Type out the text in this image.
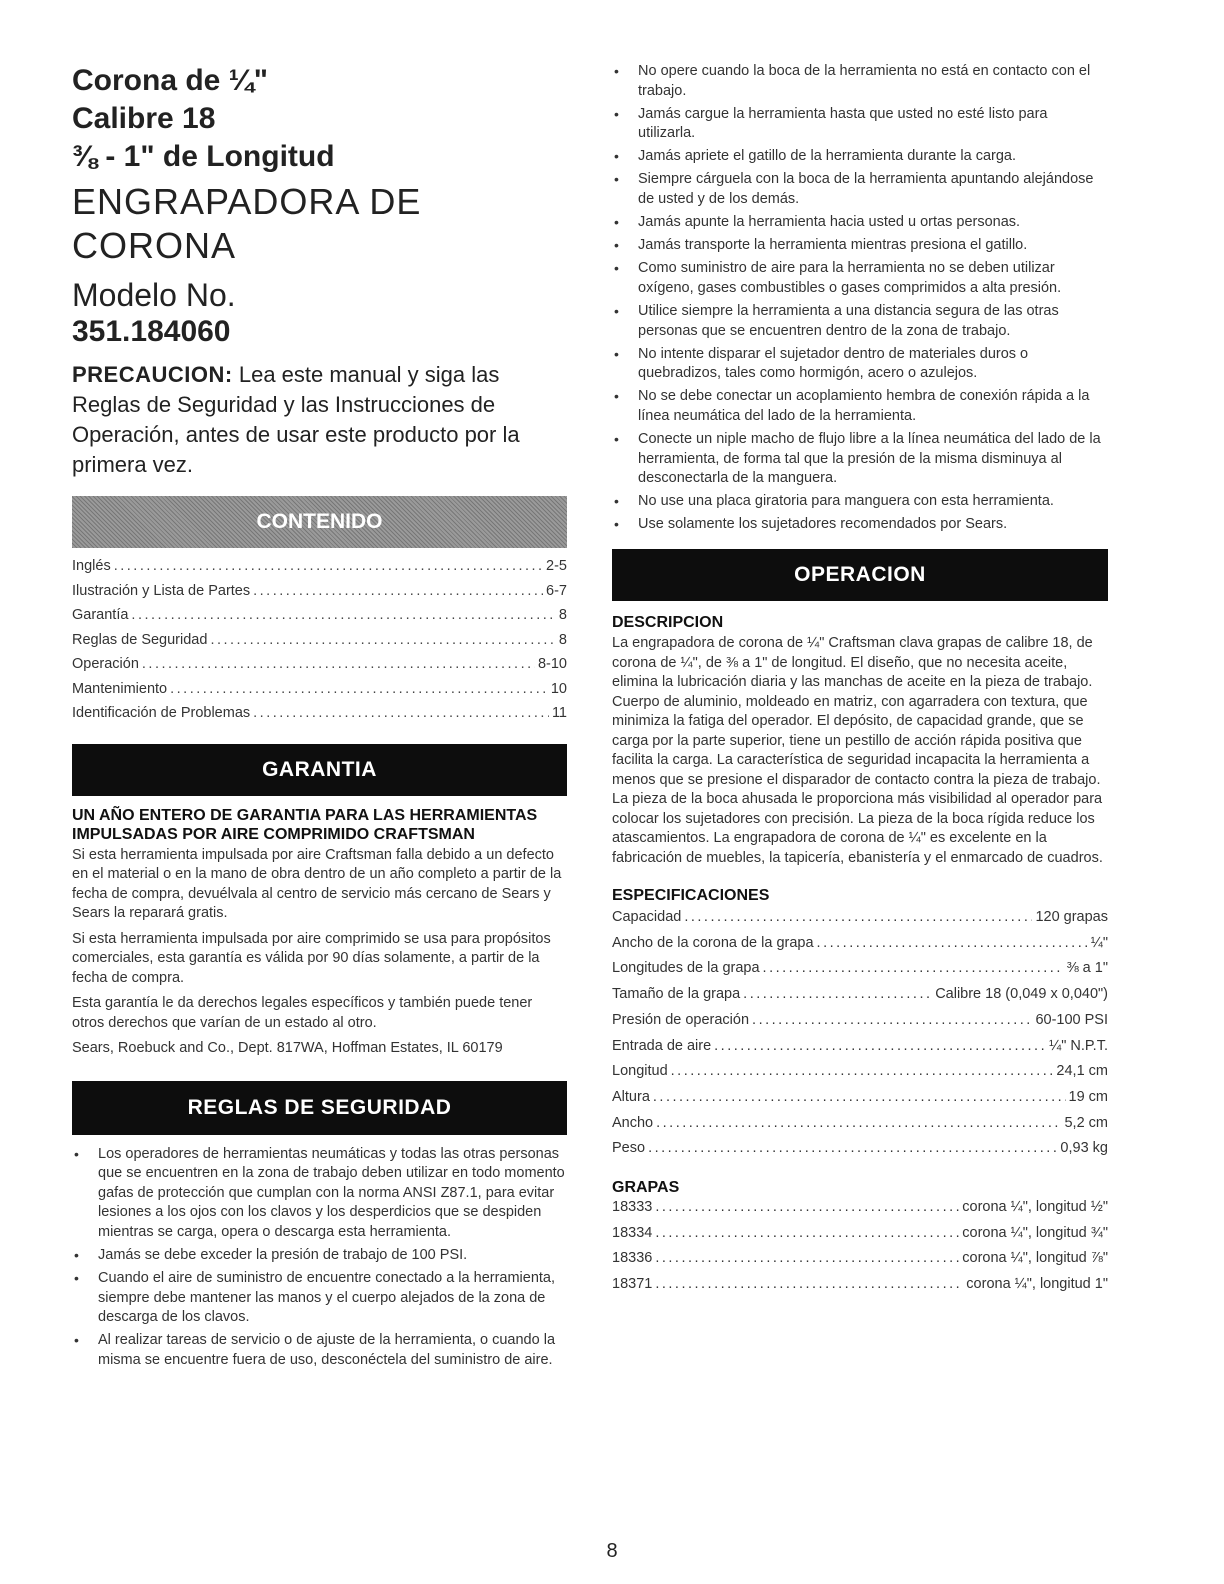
Corona de ¼"
Calibre 18
⅜ - 1" de Longitud
ENGRAPADORA DE
CORONA
Modelo No.
351.184060
PRECAUCION: Lea este manual y siga las Reglas de Seguridad y las Instrucciones de Operación, antes de usar este producto por la primera vez.
CONTENIDO
Inglés .....	2-5
Ilustración y Lista de Partes .....	6-7
Garantía .....	8
Reglas de Seguridad .....	8
Operación .....	8-10
Mantenimiento .....	10
Identificación de Problemas .....	11
GARANTIA
UN AÑO ENTERO DE GARANTIA PARA LAS HERRAMIENTAS IMPULSADAS POR AIRE COMPRIMIDO CRAFTSMAN
Si esta herramienta impulsada por aire Craftsman falla debido a un defecto en el material o en la mano de obra dentro de un año completo a partir de la fecha de compra, devuélvala al centro de servicio más cercano de Sears y Sears la reparará gratis.
Si esta herramienta impulsada por aire comprimido se usa para propósitos comerciales, esta garantía es válida por 90 días solamente, a partir de la fecha de compra.
Esta garantía le da derechos legales específicos y también puede tener otros derechos que varían de un estado al otro.
Sears, Roebuck and Co., Dept. 817WA, Hoffman Estates, IL 60179
REGLAS DE SEGURIDAD
• Los operadores de herramientas neumáticas y todas las otras personas que se encuentren en la zona de trabajo deben utilizar en todo momento gafas de protección que cumplan con la norma ANSI Z87.1, para evitar lesiones a los ojos con los clavos y los desperdicios que se despiden mientras se carga, opera o descarga esta herramienta.
• Jamás se debe exceder la presión de trabajo de 100 PSI.
• Cuando el aire de suministro de encuentre conectado a la herramienta, siempre debe mantener las manos y el cuerpo alejados de la zona de descarga de los clavos.
• Al realizar tareas de servicio o de ajuste de la herramienta, o cuando la misma se encuentre fuera de uso, desconéctela del suministro de aire.
• No opere cuando la boca de la herramienta no está en contacto con el trabajo.
• Jamás cargue la herramienta hasta que usted no esté listo para utilizarla.
• Jamás apriete el gatillo de la herramienta durante la carga.
• Siempre cárguela con la boca de la herramienta apuntando alejándose de usted y de los demás.
• Jamás apunte la herramienta hacia usted u ortas personas.
• Jamás transporte la herramienta mientras presiona el gatillo.
• Como suministro de aire para la herramienta no se deben utilizar oxígeno, gases combustibles o gases comprimidos a alta presión.
• Utilice siempre la herramienta a una distancia segura de las otras personas que se encuentren dentro de la zona de trabajo.
• No intente disparar el sujetador dentro de materiales duros o quebradizos, tales como hormigón, acero o azulejos.
• No se debe conectar un acoplamiento hembra de conexión rápida a la línea neumática del lado de la herramienta.
• Conecte un niple macho de flujo libre a la línea neumática del lado de la herramienta, de forma tal que la presión de la misma disminuya al desconectarla de la manguera.
• No use una placa giratoria para manguera con esta herramienta.
• Use solamente los sujetadores recomendados por Sears.
OPERACION
DESCRIPCION
La engrapadora de corona de ¼" Craftsman clava grapas de calibre 18, de corona de ¼", de ⅜ a 1" de longitud. El diseño, que no necesita aceite, elimina la lubricación diaria y las manchas de aceite en la pieza de trabajo. Cuerpo de aluminio, moldeado en matriz, con agarradera con textura, que minimiza la fatiga del operador. El depósito, de capacidad grande, que se carga por la parte superior, tiene un pestillo de acción rápida positiva que facilita la carga. La característica de seguridad incapacita la herramienta a menos que se presione el disparador de contacto contra la pieza de trabajo. La pieza de la boca ahusada le proporciona más visibilidad al operador para colocar los sujetadores con precisión. La pieza de la boca rígida reduce los atascamientos. La engrapadora de corona de ¼" es excelente en la fabricación de muebles, la tapicería, ebanistería y el enmarcado de cuadros.
ESPECIFICACIONES
Capacidad .....	120 grapas
Ancho de la corona de la grapa .....	¼"
Longitudes de la grapa .....	⅜ a 1"
Tamaño de la grapa .....	Calibre 18 (0,049 x 0,040")
Presión de operación .....	60-100 PSI
Entrada de aire .....	¼" N.P.T.
Longitud .....	24,1 cm
Altura .....	19 cm
Ancho .....	5,2 cm
Peso .....	0,93 kg
GRAPAS
18333 .....	corona ¼", longitud ½"
18334 .....	corona ¼", longitud ¾"
18336 .....	corona ¼", longitud ⅞"
18371 .....	corona ¼", longitud 1"
8
